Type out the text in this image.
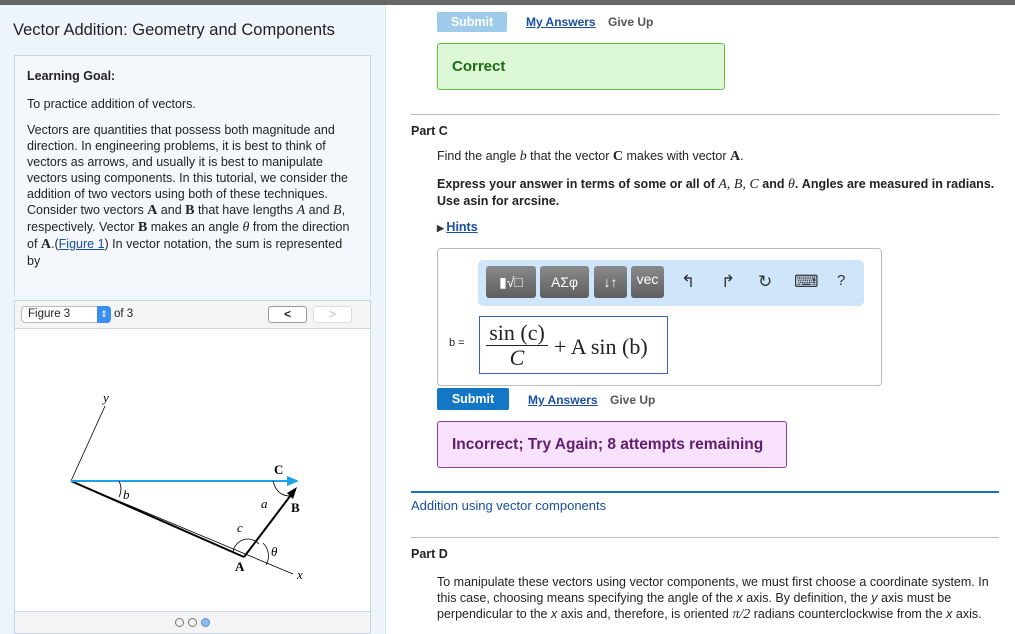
Vector Addition: Geometry and Components

Learning Goal:

To practice addition of vectors.

Vectors are quantities that possess both magnitude and direction. In engineering problems, it is best to think of vectors as arrows, and usually it is best to manipulate vectors using components. In this tutorial, we consider the addition of two vectors using both of these techniques.

Consider two vectors A and B that have lengths A and B, respectively. Vector B makes an angle θ from the direction of A.(Figure 1) In vector notation, the sum is represented by

Figure 3	⇕ of 3	<	>
y
x
C
B
A
a
b
c
θ
Submit	My Answers Give Up
Correct
Part C
Find the angle b that the vector C makes with vector A.
Express your answer in terms of some or all of A, B, C and θ. Angles are measured in radians. Use asin for arcsine.
▶ Hints
▮√□	ΑΣφ	↓↑	vec	↰ ↱ ↻ ⌨ ?
b = sin (c)
C	+ A sin (b)
Submit	My Answers Give Up
Incorrect; Try Again; 8 attempts remaining
Addition using vector components
Part D
To manipulate these vectors using vector components, we must first choose a coordinate system. In this case, choosing means specifying the angle of the x axis. By definition, the y axis must be perpendicular to the x axis and, therefore, is oriented π/2 radians counterclockwise from the x axis.
